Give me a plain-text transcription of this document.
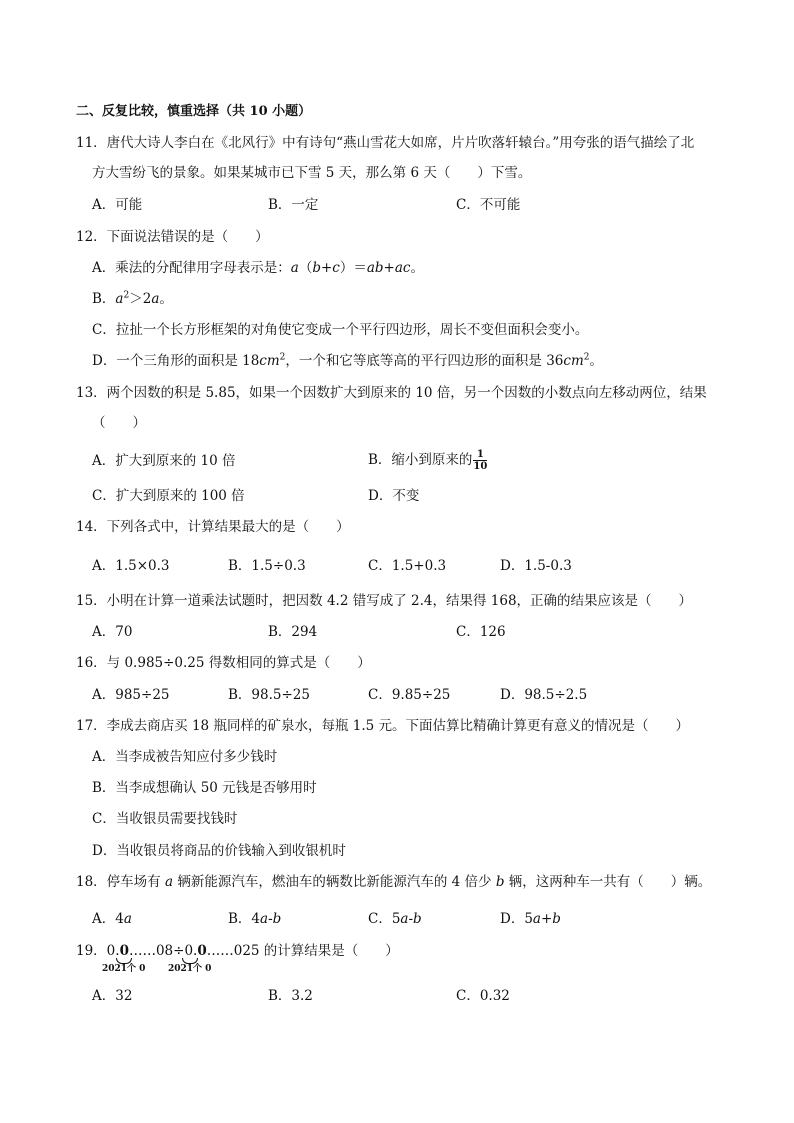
二、反复比较，慎重选择（共 10 小题）
11．唐代大诗人李白在《北风行》中有诗句“燕山雪花大如席，片片吹落轩辕台。”用夸张的语气描绘了北
方大雪纷飞的景象。如果某城市已下雪 5 天，那么第 6 天（　　）下雪。
A．可能	B．一定	C．不可能
12．下面说法错误的是（　　）
A．乘法的分配律用字母表示是：a（b+c）＝ab+ac。
B．$a^2>2a$。
C．拉扯一个长方形框架的对角使它变成一个平行四边形，周长不变但面积会变小。
D．一个三角形的面积是 $18cm^2$，一个和它等底等高的平行四边形的面积是 $36cm^2$。
13．两个因数的积是 5.85，如果一个因数扩大到原来的 10 倍，另一个因数的小数点向左移动两位，结果
（　　）
A．扩大到原来的 10 倍	B．缩小到原来的 $\frac{1}{10}$
C．扩大到原来的 100 倍	D．不变
14．下列各式中，计算结果最大的是（　　）
A．1.5×0.3	B．1.5÷0.3	C．1.5+0.3	D．1.5-0.3
15．小明在计算一道乘法试题时，把因数 4.2 错写成了 2.4，结果得 168，正确的结果应该是（　　）
A．70	B．294	C．126
16．与 0.985÷0.25 得数相同的算式是（　　）
A．985÷25	B．98.5÷25	C．9.85÷25	D．98.5÷2.5
17．李成去商店买 18 瓶同样的矿泉水，每瓶 1.5 元。下面估算比精确计算更有意义的情况是（　　）
A．当李成被告知应付多少钱时
B．当李成想确认 50 元钱是否够用时
C．当收银员需要找钱时
D．当收银员将商品的价钱输入到收银机时
18．停车场有 a 辆新能源汽车，燃油车的辆数比新能源汽车的 4 倍少 b 辆，这两种车一共有（　　）辆。
A．4a	B．4a-b	C．5a-b	D．5a+b
19．0.0……08÷0.0……025 的计算结果是（　　）
2021个 0	2021个 0
A．32	B．3.2	C．0.32
